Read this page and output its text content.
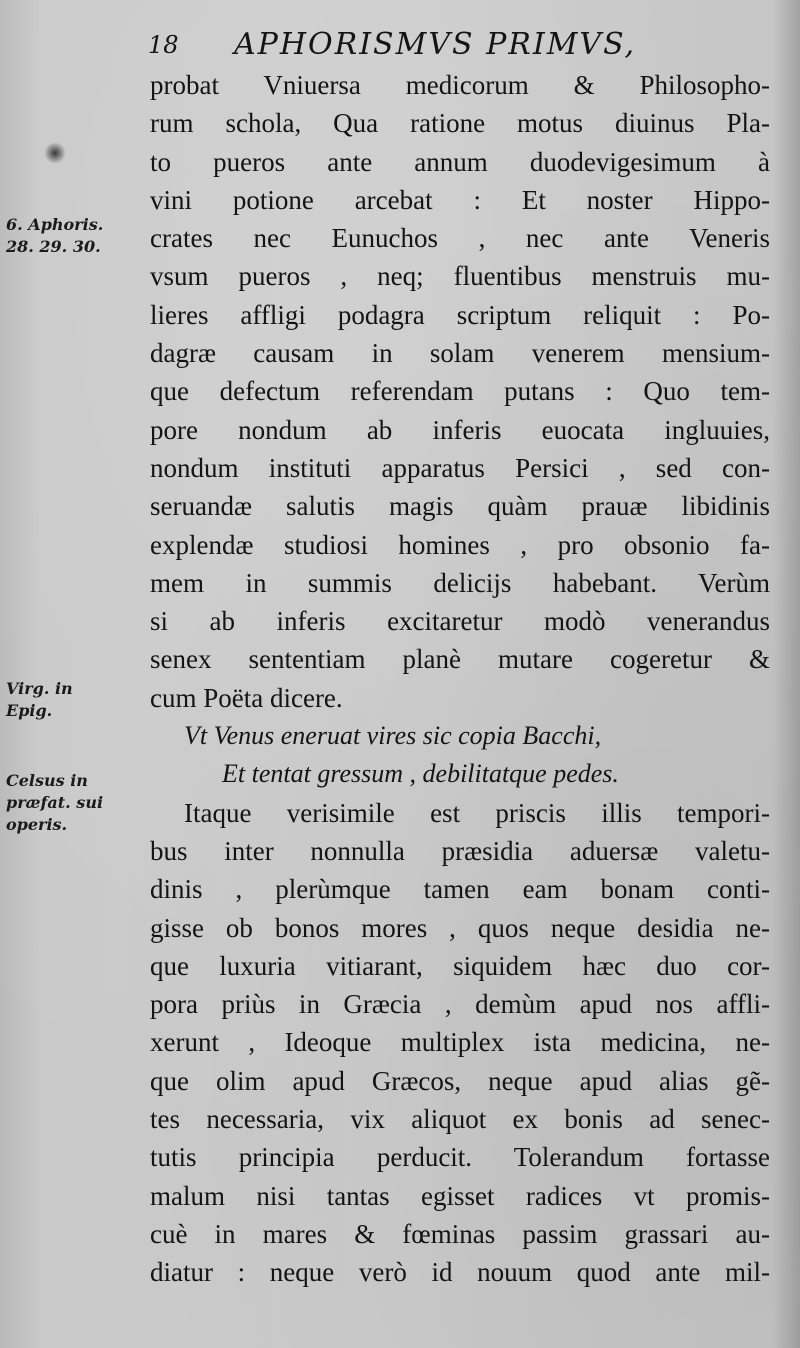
18 APHORISMVS PRIMVS,
6. Aphoris.
28. 29. 30.
Virg. in
Epig.
Celsus in
præfat. sui
operis.
probat Vniuersa medicorum & Philosopho-
rum schola, Qua ratione motus diuinus Pla-
to pueros ante annum duodevigesimum à
vini potione arcebat : Et noster Hippo-
crates nec Eunuchos , nec ante Veneris
vsum pueros , neq; fluentibus menstruis mu-
lieres affligi podagra scriptum reliquit : Po-
dagræ causam in solam venerem mensium-
que defectum referendam putans : Quo tem-
pore nondum ab inferis euocata ingluuies,
nondum instituti apparatus Persici , sed con-
seruandæ salutis magis quàm prauæ libidinis
explendæ studiosi homines , pro obsonio fa-
mem in summis delicijs habebant. Verùm
si ab inferis excitaretur modò venerandus
senex sententiam planè mutare cogeretur &
cum Poëta dicere.
Vt Venus eneruat vires sic copia Bacchi,
Et tentat gressum , debilitatque pedes.
Itaque verisimile est priscis illis tempori-
bus inter nonnulla præsidia aduersæ valetu-
dinis , plerùmque tamen eam bonam conti-
gisse ob bonos mores , quos neque desidia ne-
que luxuria vitiarant, siquidem hæc duo cor-
pora priùs in Græcia , demùm apud nos affli-
xerunt , Ideoque multiplex ista medicina, ne-
que olim apud Græcos, neque apud alias gẽ-
tes necessaria, vix aliquot ex bonis ad senec-
tutis principia perducit. Tolerandum fortasse
malum nisi tantas egisset radices vt promis-
cuè in mares & fœminas passim grassari au-
diatur : neque verò id nouum quod ante mil-
